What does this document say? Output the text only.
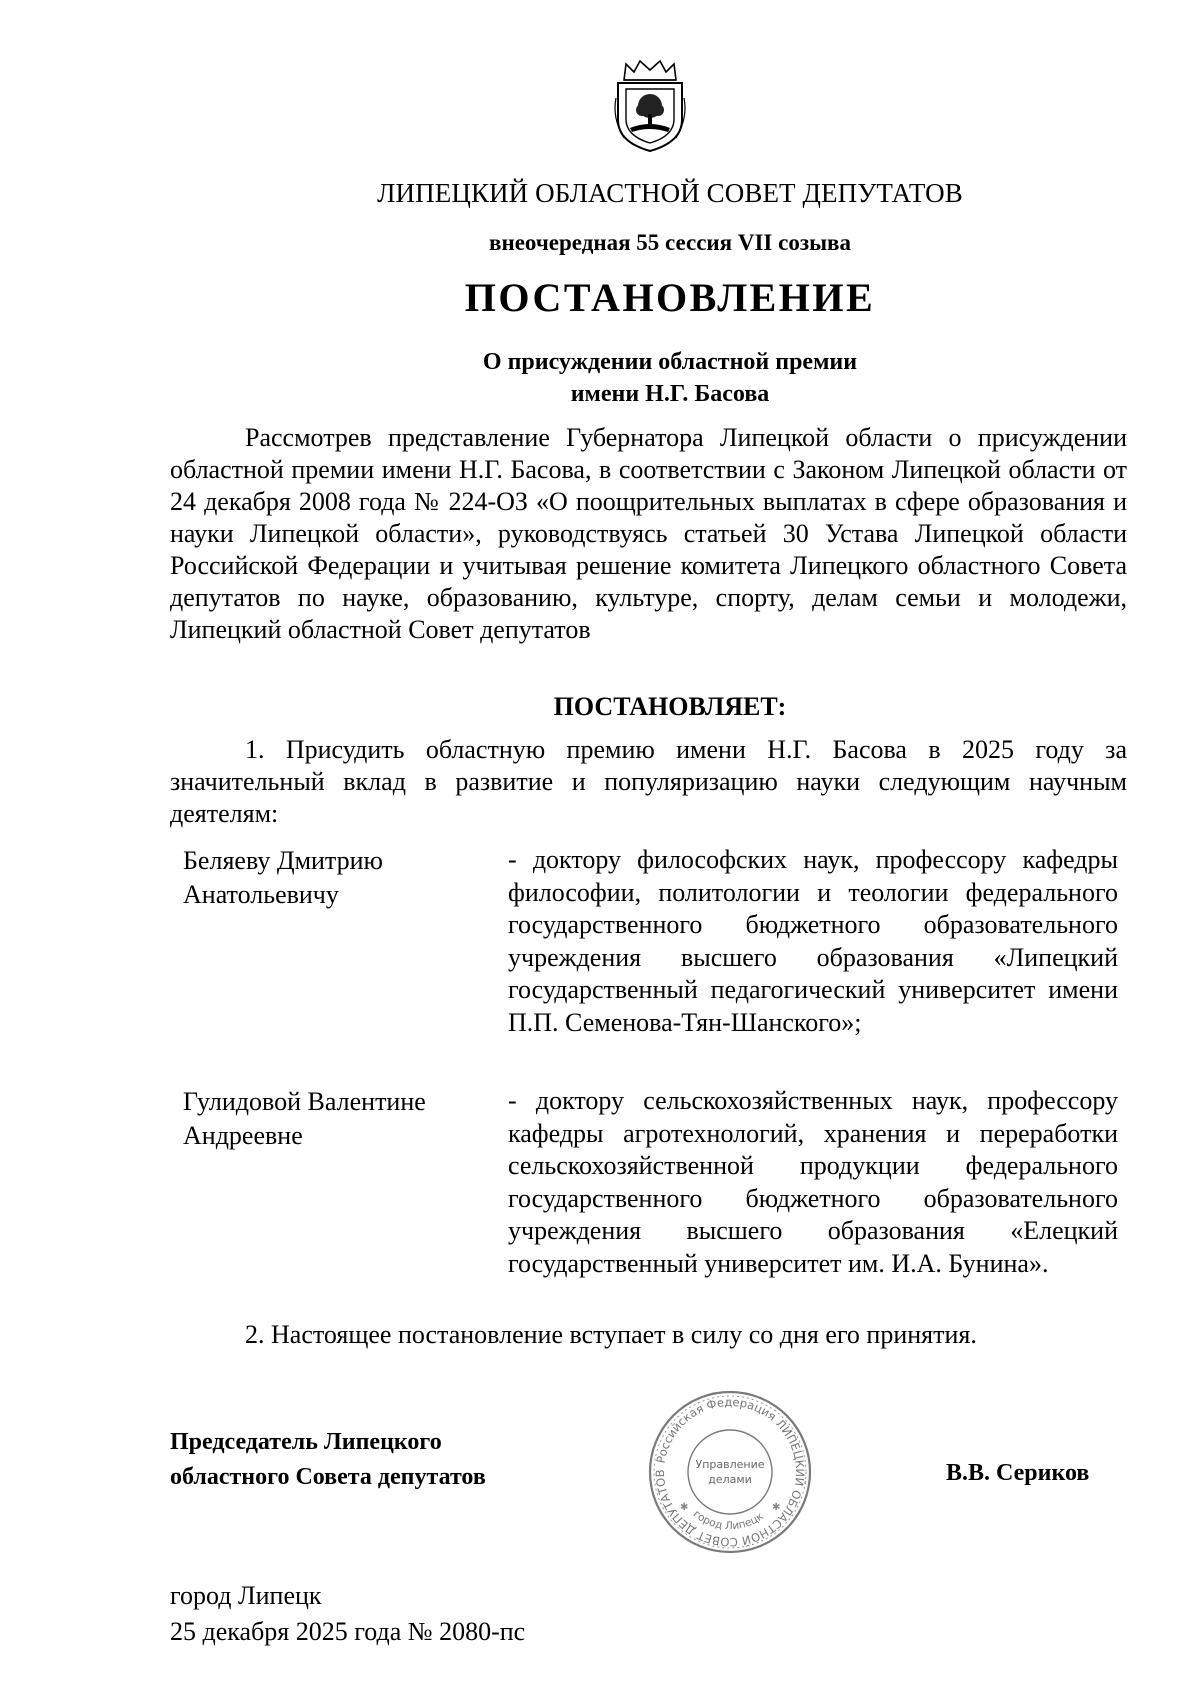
ЛИПЕЦКИЙ ОБЛАСТНОЙ СОВЕТ ДЕПУТАТОВ
внеочередная 55 сессия VII созыва
ПОСТАНОВЛЕНИЕ
О присуждении областной премии
имени Н.Г. Басова

Рассмотрев представление Губернатора Липецкой области о присуждении областной премии имени Н.Г. Басова, в соответствии с Законом Липецкой области от 24 декабря 2008 года № 224-ОЗ «О поощрительных выплатах в сфере образования и науки Липецкой области», руководствуясь статьей 30 Устава Липецкой области Российской Федерации и учитывая решение комитета Липецкого областного Совета депутатов по науке, образованию, культуре, спорту, делам семьи и молодежи, Липецкий областной Совет депутатов

ПОСТАНОВЛЯЕТ:

1. Присудить областную премию имени Н.Г. Басова в 2025 году за значительный вклад в развитие и популяризацию науки следующим научным деятелям:

Беляеву Дмитрию
Анатольевичу

- доктору философских наук, профессору кафедры философии, политологии и теологии федерального государственного бюджетного образовательного учреждения высшего образования «Липецкий государственный педагогический университет имени П.П. Семенова-Тян-Шанского»;

Гулидовой Валентине
Андреевне

- доктору сельскохозяйственных наук, профессору кафедры агротехнологий, хранения и переработки сельскохозяйственной продукции федерального государственного бюджетного образовательного учреждения высшего образования «Елецкий государственный университет им. И.А. Бунина».

2. Настоящее постановление вступает в силу со дня его принятия.
Председатель Липецкого
областного Совета депутатов
Российская Федерация ЛИПЕЦКИЙ ОБЛАСТНОЙ СОВЕТ ДЕПУТАТОВ
город Липецк
Управление
делами
✱	✱
В.В. Сериков
город Липецк
25 декабря 2025 года № 2080-пс
